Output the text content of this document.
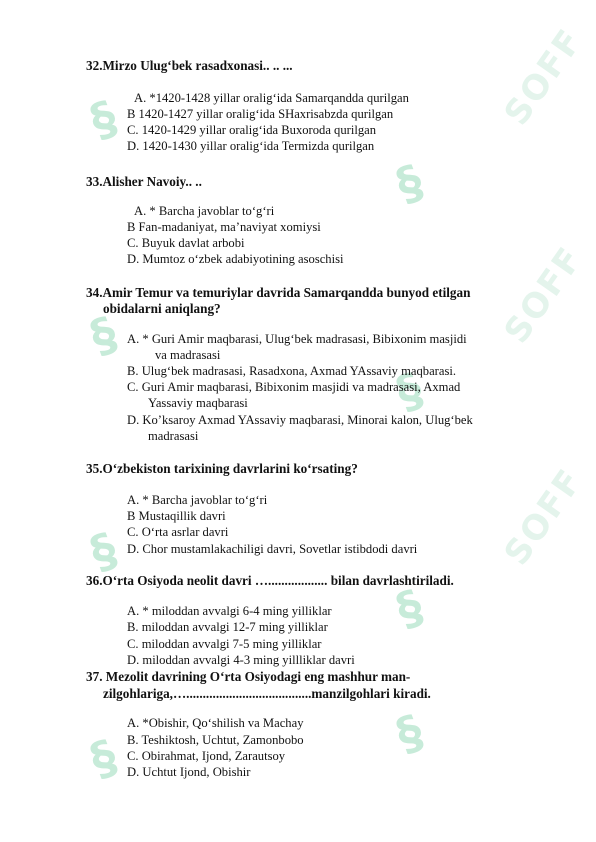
§	SOFF
§
§
§
SOFF
§
§
SOFF
§	§
32.Mirzo Ulug‘bek rasadxonasi.. .. ...
A. *1420-1428 yillar oralig‘ida Samarqandda qurilgan
B 1420-1427 yillar oralig‘ida SHaxrisabzda qurilgan
C. 1420-1429 yillar oralig‘ida Buxoroda qurilgan
D. 1420-1430 yillar oralig‘ida Termizda qurilgan
33.Alisher Navoiy.. ..
A. * Barcha javoblar to‘g‘ri
B Fan-madaniyat, ma’naviyat xomiysi
C. Buyuk davlat arbobi
D. Mumtoz o‘zbek adabiyotining asoschisi
34.Amir Temur va temuriylar davrida Samarqandda bunyod etilgan
obidalarni aniqlang?
A. * Guri Amir maqbarasi, Ulug‘bek madrasasi, Bibixonim masjidi
va madrasasi
B. Ulug‘bek madrasasi, Rasadxona, Axmad YAssaviy maqbarasi.
C. Guri Amir maqbarasi, Bibixonim masjidi va madrasasi, Axmad
Yassaviy maqbarasi
D. Ko’ksaroy Axmad YAssaviy maqbarasi, Minorai kalon, Ulug‘bek
madrasasi
35.O‘zbekiston tarixining davrlarini ko‘rsating?
A. * Barcha javoblar to‘g‘ri
B Mustaqillik davri
C. O‘rta asrlar davri
D. Chor mustamlakachiligi davri, Sovetlar istibdodi davri
36.O‘rta Osiyoda neolit davri ….................. bilan davrlashtiriladi.
A. * miloddan avvalgi 6-4 ming yilliklar
B. miloddan avvalgi 12-7 ming yilliklar
C. miloddan avvalgi 7-5 ming yilliklar
D. miloddan avvalgi 4-3 ming yillliklar davri
37. Mezolit davrining O‘rta Osiyodagi eng mashhur man-
zilgohlariga,…......................................manzilgohlari kiradi.
A. *Obishir, Qo‘shilish va Machay
B. Teshiktosh, Uchtut, Zamonbobo
C. Obirahmat, Ijond, Zarautsoy
D. Uchtut Ijond, Obishir
